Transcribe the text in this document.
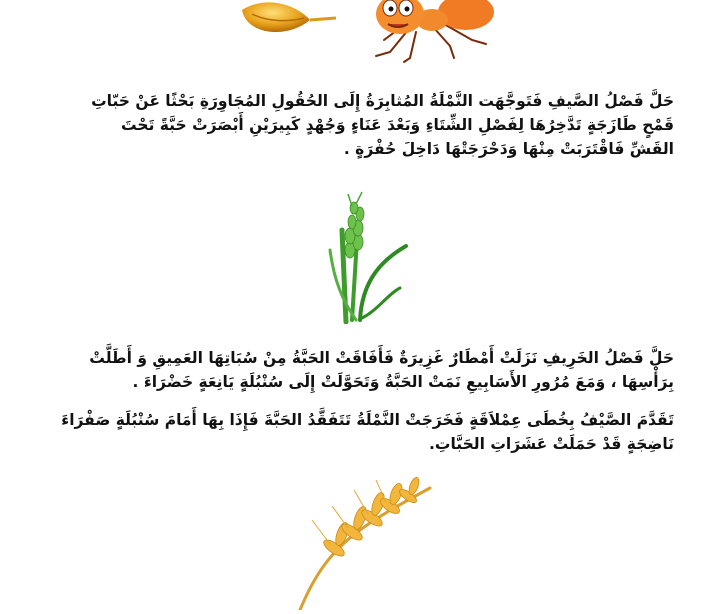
حَلَّ فَصْلُ الصَّيفِ فَتَوجَّهَت النَّمْلَةُ المُثابِرَةُ إِلَى الحُقُولِ المُجَاوِرَةِ بَحْثًا عَنْ حَبّاتِ
قَمْحٍ طَازَجَةٍ تَدَّخِرُهَا لِفَصْلِ الشِّتَاءِ وَبَعْدَ عَنَاءٍ وَجُهْدٍ كَبِيرَيْنِ أَبْصَرَتْ حَبَّةً تَحْتَ
القَشِّ فَاقْتَرَبَتْ مِنْهَا وَدَحْرَجَتْهَا دَاخِلَ حُفْرَةٍ .
حَلَّ فَصْلُ الخَرِيفِ نَزَلَتْ أَمْطَارٌ غَزِيرَةٌ فَأَفَاقَتْ الحَبَّةُ مِنْ سُبَاتِهَا العَمِيقِ وَ أَطَلَّتْ
بِرَأْسِهَا ، وَمَعَ مُرُورِ الأَسَابِيعِ نَمَتْ الحَبَّةُ وَتَحَوَّلَتْ إِلَى سُنْبُلَةٍ يَانِعَةٍ خَضْرَاءَ .
تَقَدَّمَ الصَّيْفُ بِخُطَى عِمْلاَقَةٍ فَخَرَجَتْ النَّمْلَةُ تَتَفَقَّدُ الحَبَّةَ فَإِذَا بِهَا أَمَامَ سُنْبُلَةٍ صَفْرَاءَ
نَاضِجَةٍ قَدْ حَمَلَتْ عَشَرَاتِ الحَبَّاتِ.
